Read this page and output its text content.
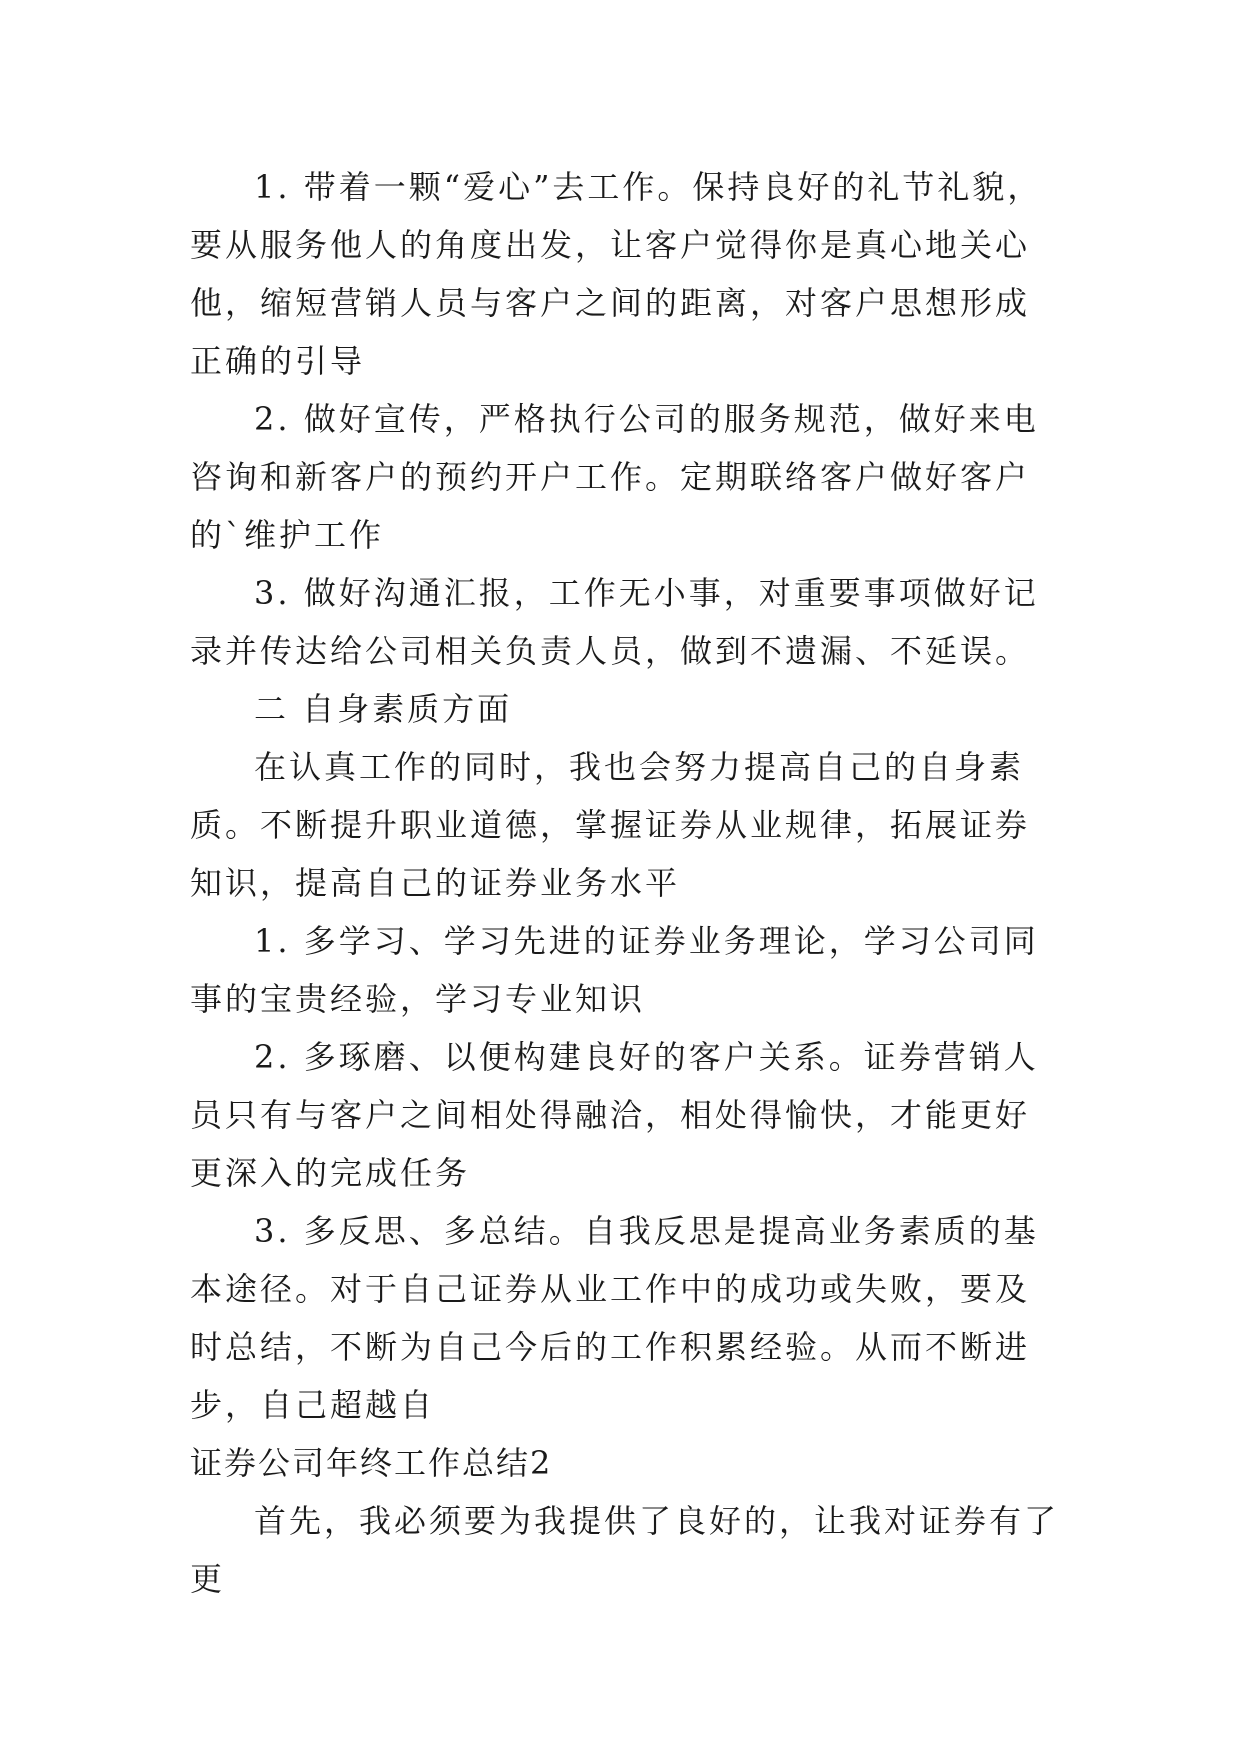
1. 带着一颗“爱心”去工作。保持良好的礼节礼貌，要从服务他人的角度出发，让客户觉得你是真心地关心他，缩短营销人员与客户之间的距离，对客户思想形成正确的引导

2. 做好宣传，严格执行公司的服务规范，做好来电咨询和新客户的预约开户工作。定期联络客户做好客户的`维护工作

3. 做好沟通汇报，工作无小事，对重要事项做好记录并传达给公司相关负责人员，做到不遗漏、不延误。

二 自身素质方面

在认真工作的同时，我也会努力提高自己的自身素质。不断提升职业道德，掌握证券从业规律，拓展证券知识，提高自己的证券业务水平

1. 多学习、学习先进的证券业务理论，学习公司同事的宝贵经验，学习专业知识

2. 多琢磨、以便构建良好的客户关系。证券营销人员只有与客户之间相处得融洽，相处得愉快，才能更好更深入的完成任务

3. 多反思、多总结。自我反思是提高业务素质的基本途径。对于自己证券从业工作中的成功或失败，要及时总结，不断为自己今后的工作积累经验。从而不断进步，自己超越自

证券公司年终工作总结2

首先，我必须要为我提供了良好的，让我对证券有了更
